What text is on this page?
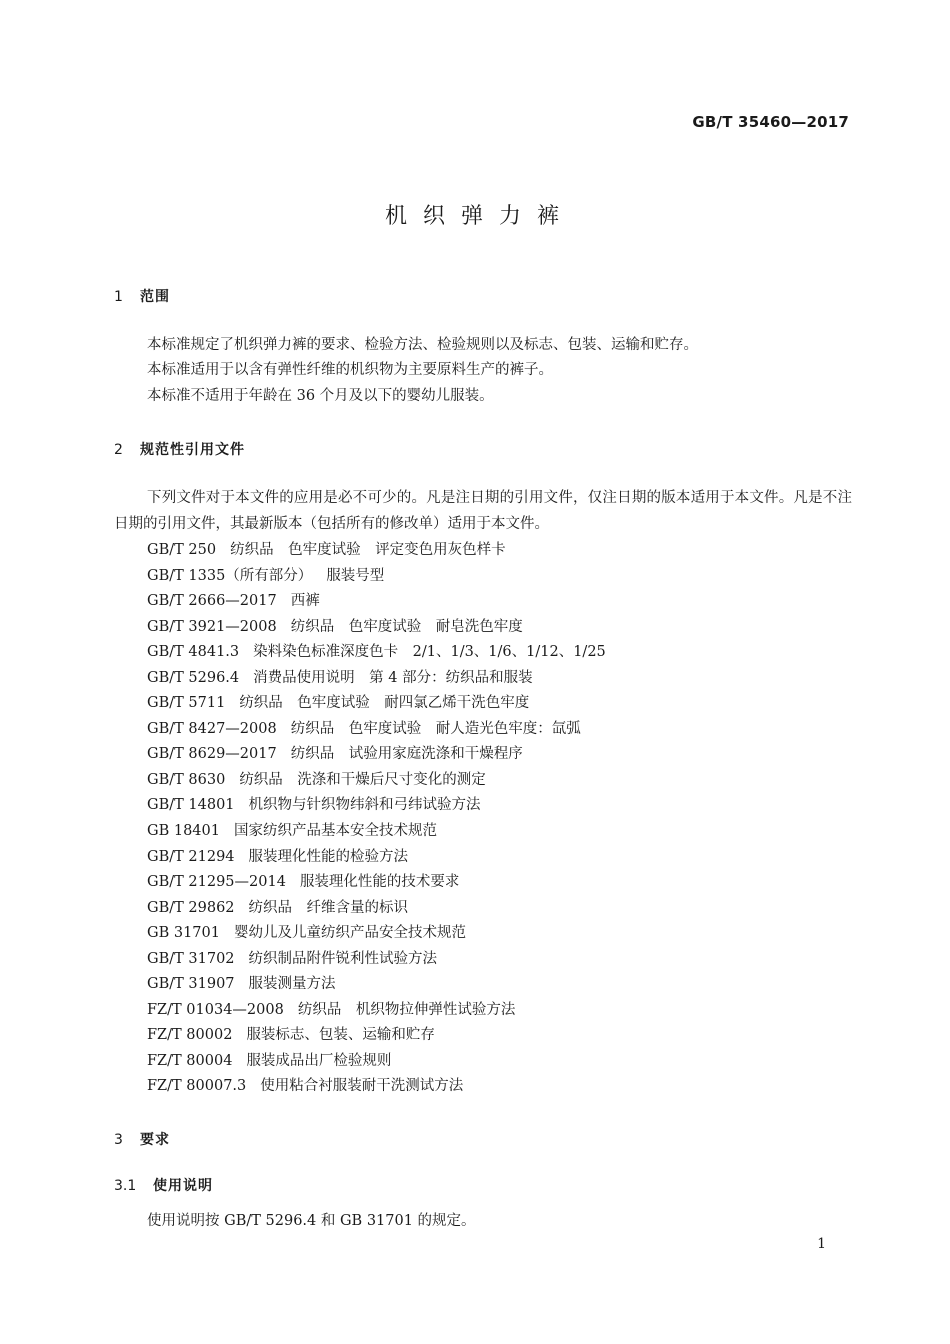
GB/T 35460—2017
机织弹力裤
1 范围
本标准规定了机织弹力裤的要求、检验方法、检验规则以及标志、包装、运输和贮存。
本标准适用于以含有弹性纤维的机织物为主要原料生产的裤子。
本标准不适用于年龄在 36 个月及以下的婴幼儿服装。
2 规范性引用文件
下列文件对于本文件的应用是必不可少的。凡是注日期的引用文件，仅注日期的版本适用于本文件。凡是不注日期的引用文件，其最新版本（包括所有的修改单）适用于本文件。
GB/T 250 纺织品　色牢度试验　评定变色用灰色样卡
GB/T 1335（所有部分） 服装号型
GB/T 2666—2017 西裤
GB/T 3921—2008 纺织品　色牢度试验　耐皂洗色牢度
GB/T 4841.3 染料染色标准深度色卡　2/1、1/3、1/6、1/12、1/25
GB/T 5296.4 消费品使用说明　第 4 部分：纺织品和服装
GB/T 5711 纺织品　色牢度试验　耐四氯乙烯干洗色牢度
GB/T 8427—2008 纺织品　色牢度试验　耐人造光色牢度：氙弧
GB/T 8629—2017 纺织品　试验用家庭洗涤和干燥程序
GB/T 8630 纺织品　洗涤和干燥后尺寸变化的测定
GB/T 14801 机织物与针织物纬斜和弓纬试验方法
GB 18401 国家纺织产品基本安全技术规范
GB/T 21294 服装理化性能的检验方法
GB/T 21295—2014 服装理化性能的技术要求
GB/T 29862 纺织品　纤维含量的标识
GB 31701 婴幼儿及儿童纺织产品安全技术规范
GB/T 31702 纺织制品附件锐利性试验方法
GB/T 31907 服装测量方法
FZ/T 01034—2008 纺织品　机织物拉伸弹性试验方法
FZ/T 80002 服装标志、包装、运输和贮存
FZ/T 80004 服装成品出厂检验规则
FZ/T 80007.3 使用粘合衬服装耐干洗测试方法
3 要求
3.1 使用说明
使用说明按 GB/T 5296.4 和 GB 31701 的规定。
1
